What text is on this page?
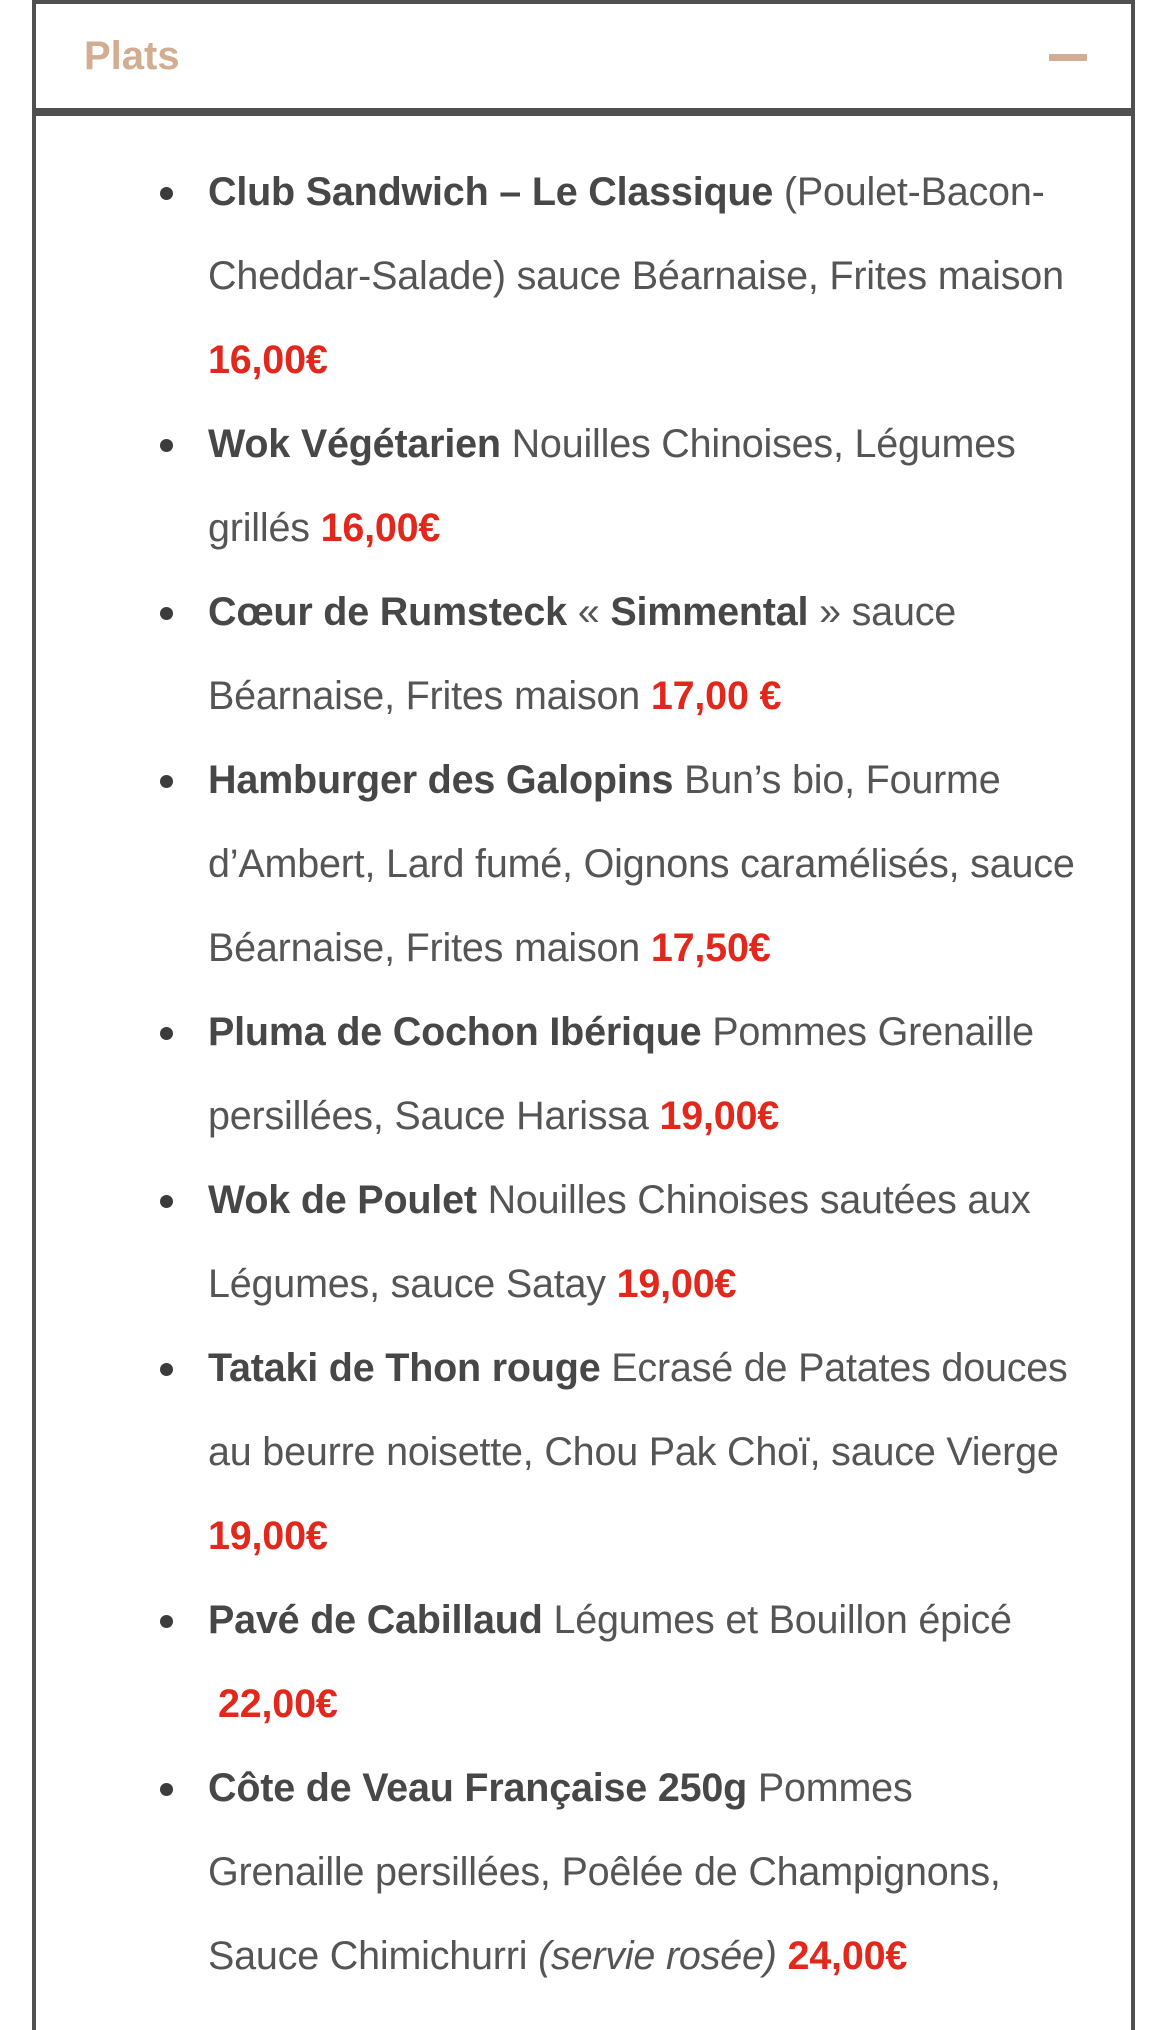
Plats
Club Sandwich – Le Classique (Poulet-Bacon-Cheddar-Salade) sauce Béarnaise, Frites maison 16,00€
Wok Végétarien Nouilles Chinoises, Légumes grillés 16,00€
Cœur de Rumsteck « Simmental » sauce Béarnaise, Frites maison 17,00 €
Hamburger des Galopins Bun’s bio, Fourme d’Ambert, Lard fumé, Oignons caramélisés, sauce Béarnaise, Frites maison 17,50€
Pluma de Cochon Ibérique Pommes Grenaille persillées, Sauce Harissa 19,00€
Wok de Poulet Nouilles Chinoises sautées aux Légumes, sauce Satay 19,00€
Tataki de Thon rouge Ecrasé de Patates douces au beurre noisette, Chou Pak Choï, sauce Vierge 19,00€
Pavé de Cabillaud Légumes et Bouillon épicé
22,00€
Côte de Veau Française 250g Pommes Grenaille persillées, Poêlée de Champignons, Sauce Chimichurri (servie rosée) 24,00€
